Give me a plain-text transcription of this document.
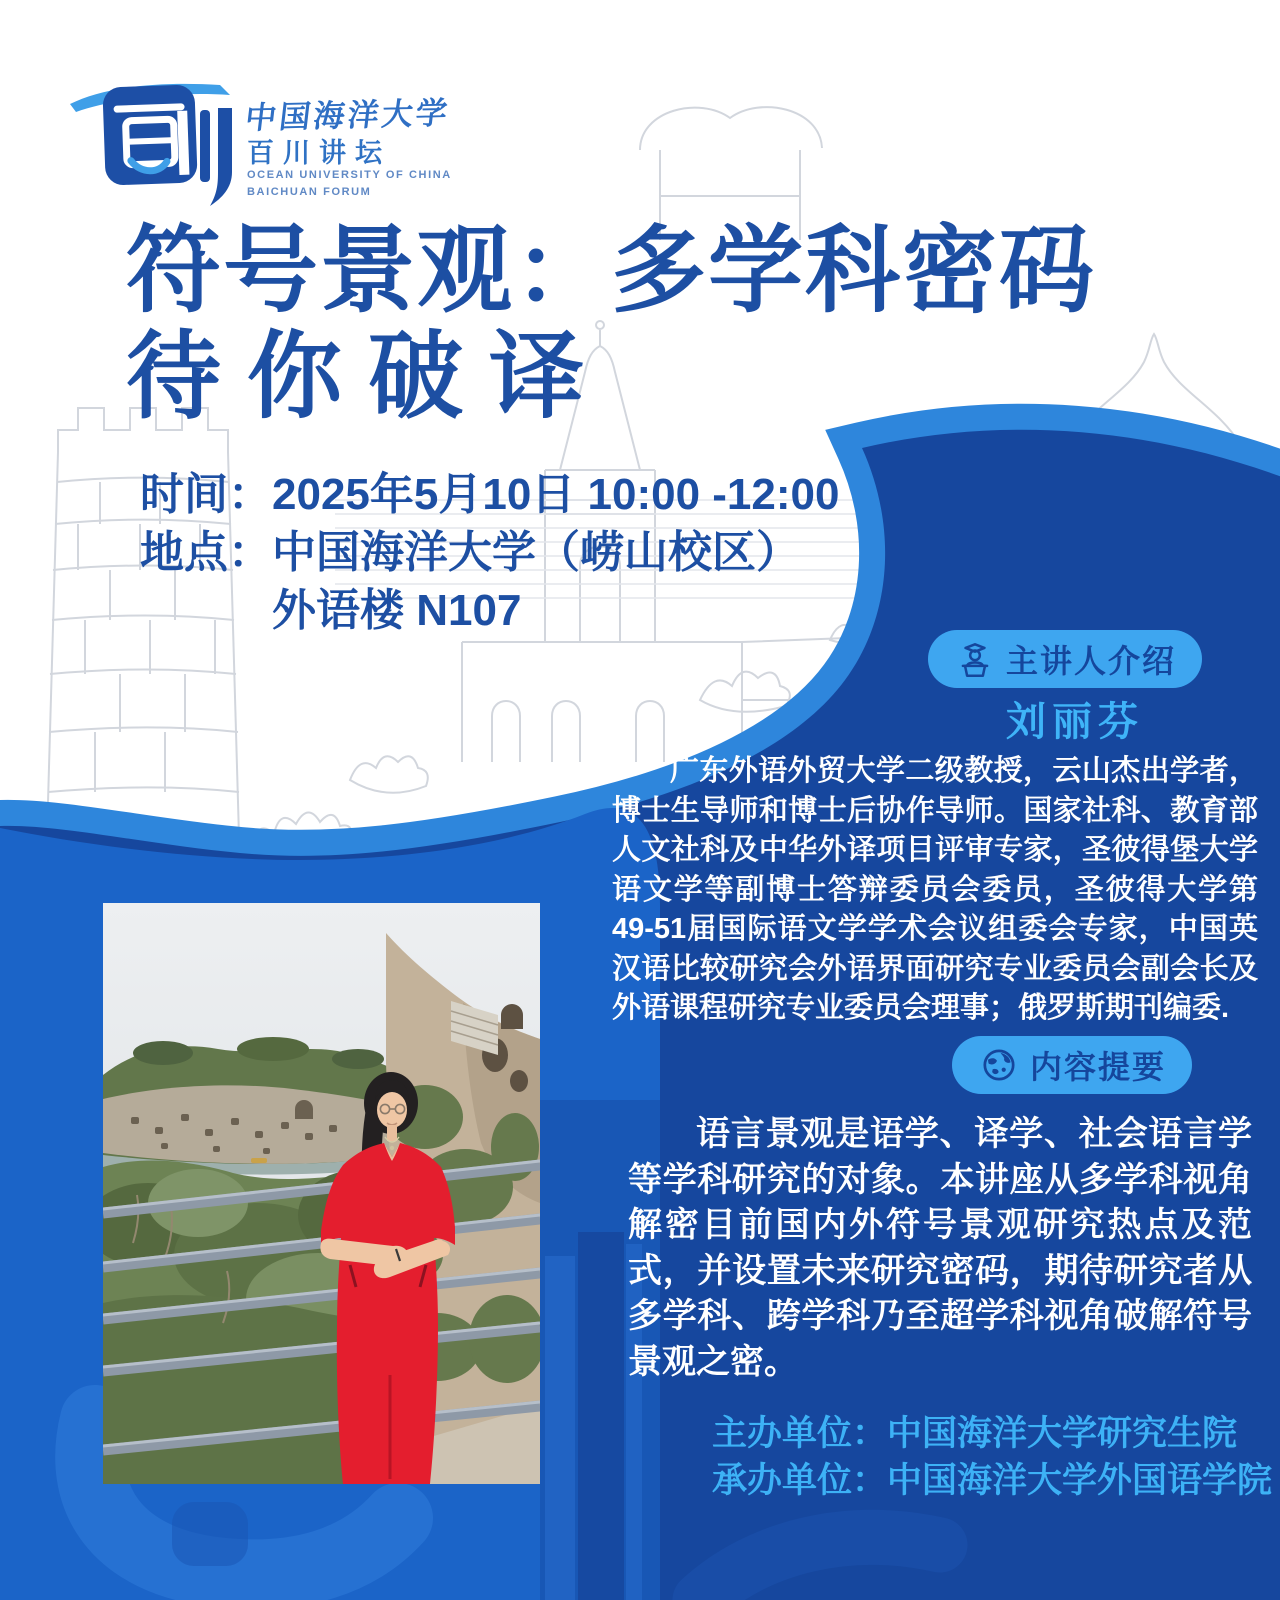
中国海洋大学
百川讲坛
OCEAN UNIVERSITY OF CHINA
BAICHUAN FORUM
符号景观：多学科密码
待你破译
时间：2025年5月10日 10:00 -12:00
地点：中国海洋大学（崂山校区）
外语楼 N107
主讲人介绍
刘丽芬
广东外语外贸大学二级教授，云山杰出学者，博士生导师和博士后协作导师。国家社科、教育部人文社科及中华外译项目评审专家，圣彼得堡大学语文学等副博士答辩委员会委员，圣彼得大学第49-51届国际语文学学术会议组委会专家，中国英汉语比较研究会外语界面研究专业委员会副会长及外语课程研究专业委员会理事；俄罗斯期刊编委.
内容提要
语言景观是语学、译学、社会语言学等学科研究的对象。本讲座从多学科视角解密目前国内外符号景观研究热点及范式，并设置未来研究密码，期待研究者从多学科、跨学科乃至超学科视角破解符号景观之密。
主办单位：中国海洋大学研究生院
承办单位：中国海洋大学外国语学院
